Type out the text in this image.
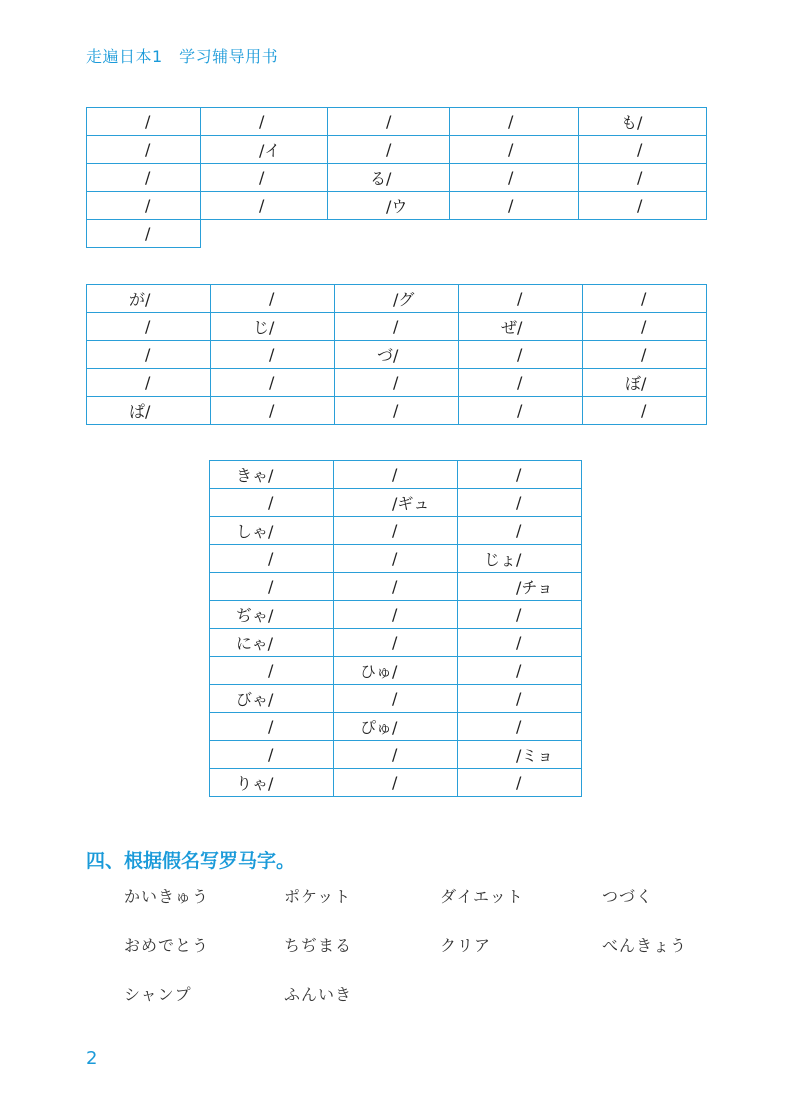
走遍日本1　学习辅导用书
/	/	/	/	も/

/	/イ	/	/	/

/	/	る/	/	/

/	/	/ウ	/	/

/				

が/	/	/グ	/	/

/	じ/	/	ぜ/	/

/	/	づ/	/	/

/	/	/	/	ぼ/

ぱ/	/	/	/	/
きゃ/	/	/

/	/ギュ	/

しゃ/	/	/

/	/	じょ/

/	/	/チョ

ぢゃ/	/	/

にゃ/	/	/

/	ひゅ/	/

びゃ/	/	/

/	ぴゅ/	/

/	/	/ミョ

りゃ/	/	/
四、根据假名写罗马字。
かいきゅう	ポケット	ダイエット	つづく
おめでとう	ちぢまる	クリア	べんきょう
シャンプ	ふんいき
2
